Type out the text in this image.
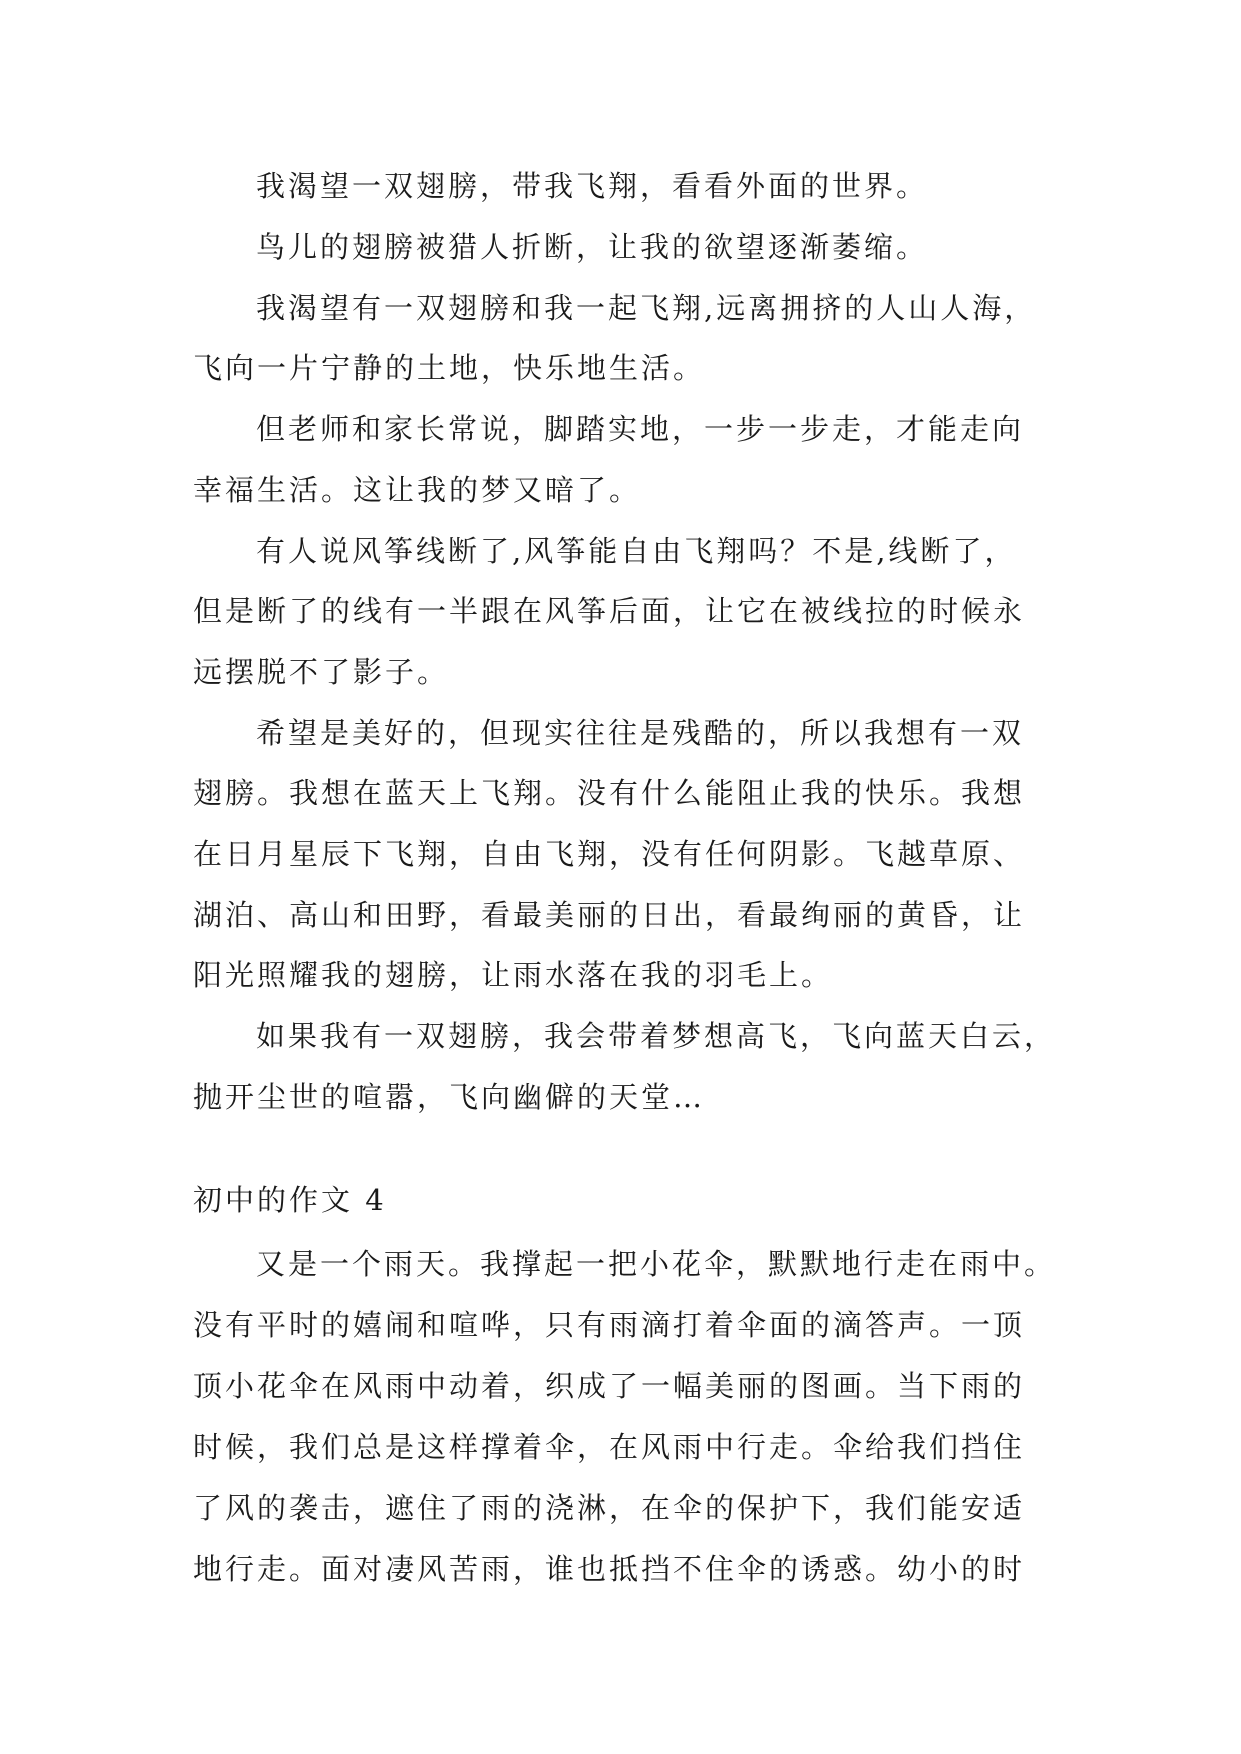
我渴望一双翅膀，带我飞翔，看看外面的世界。
鸟儿的翅膀被猎人折断，让我的欲望逐渐萎缩。
我渴望有一双翅膀和我一起飞翔,远离拥挤的人山人海，
飞向一片宁静的土地，快乐地生活。
但老师和家长常说，脚踏实地，一步一步走，才能走向
幸福生活。这让我的梦又暗了。
有人说风筝线断了,风筝能自由飞翔吗？不是,线断了，
但是断了的线有一半跟在风筝后面，让它在被线拉的时候永
远摆脱不了影子。
希望是美好的，但现实往往是残酷的，所以我想有一双
翅膀。我想在蓝天上飞翔。没有什么能阻止我的快乐。我想
在日月星辰下飞翔，自由飞翔，没有任何阴影。飞越草原、
湖泊、高山和田野，看最美丽的日出，看最绚丽的黄昏，让
阳光照耀我的翅膀，让雨水落在我的羽毛上。
如果我有一双翅膀，我会带着梦想高飞，飞向蓝天白云，
抛开尘世的喧嚣，飞向幽僻的天堂…
初中的作文 4
又是一个雨天。我撑起一把小花伞，默默地行走在雨中。
没有平时的嬉闹和喧哗，只有雨滴打着伞面的滴答声。一顶
顶小花伞在风雨中动着，织成了一幅美丽的图画。当下雨的
时候，我们总是这样撑着伞，在风雨中行走。伞给我们挡住
了风的袭击，遮住了雨的浇淋，在伞的保护下，我们能安适
地行走。面对凄风苦雨，谁也抵挡不住伞的诱惑。幼小的时
